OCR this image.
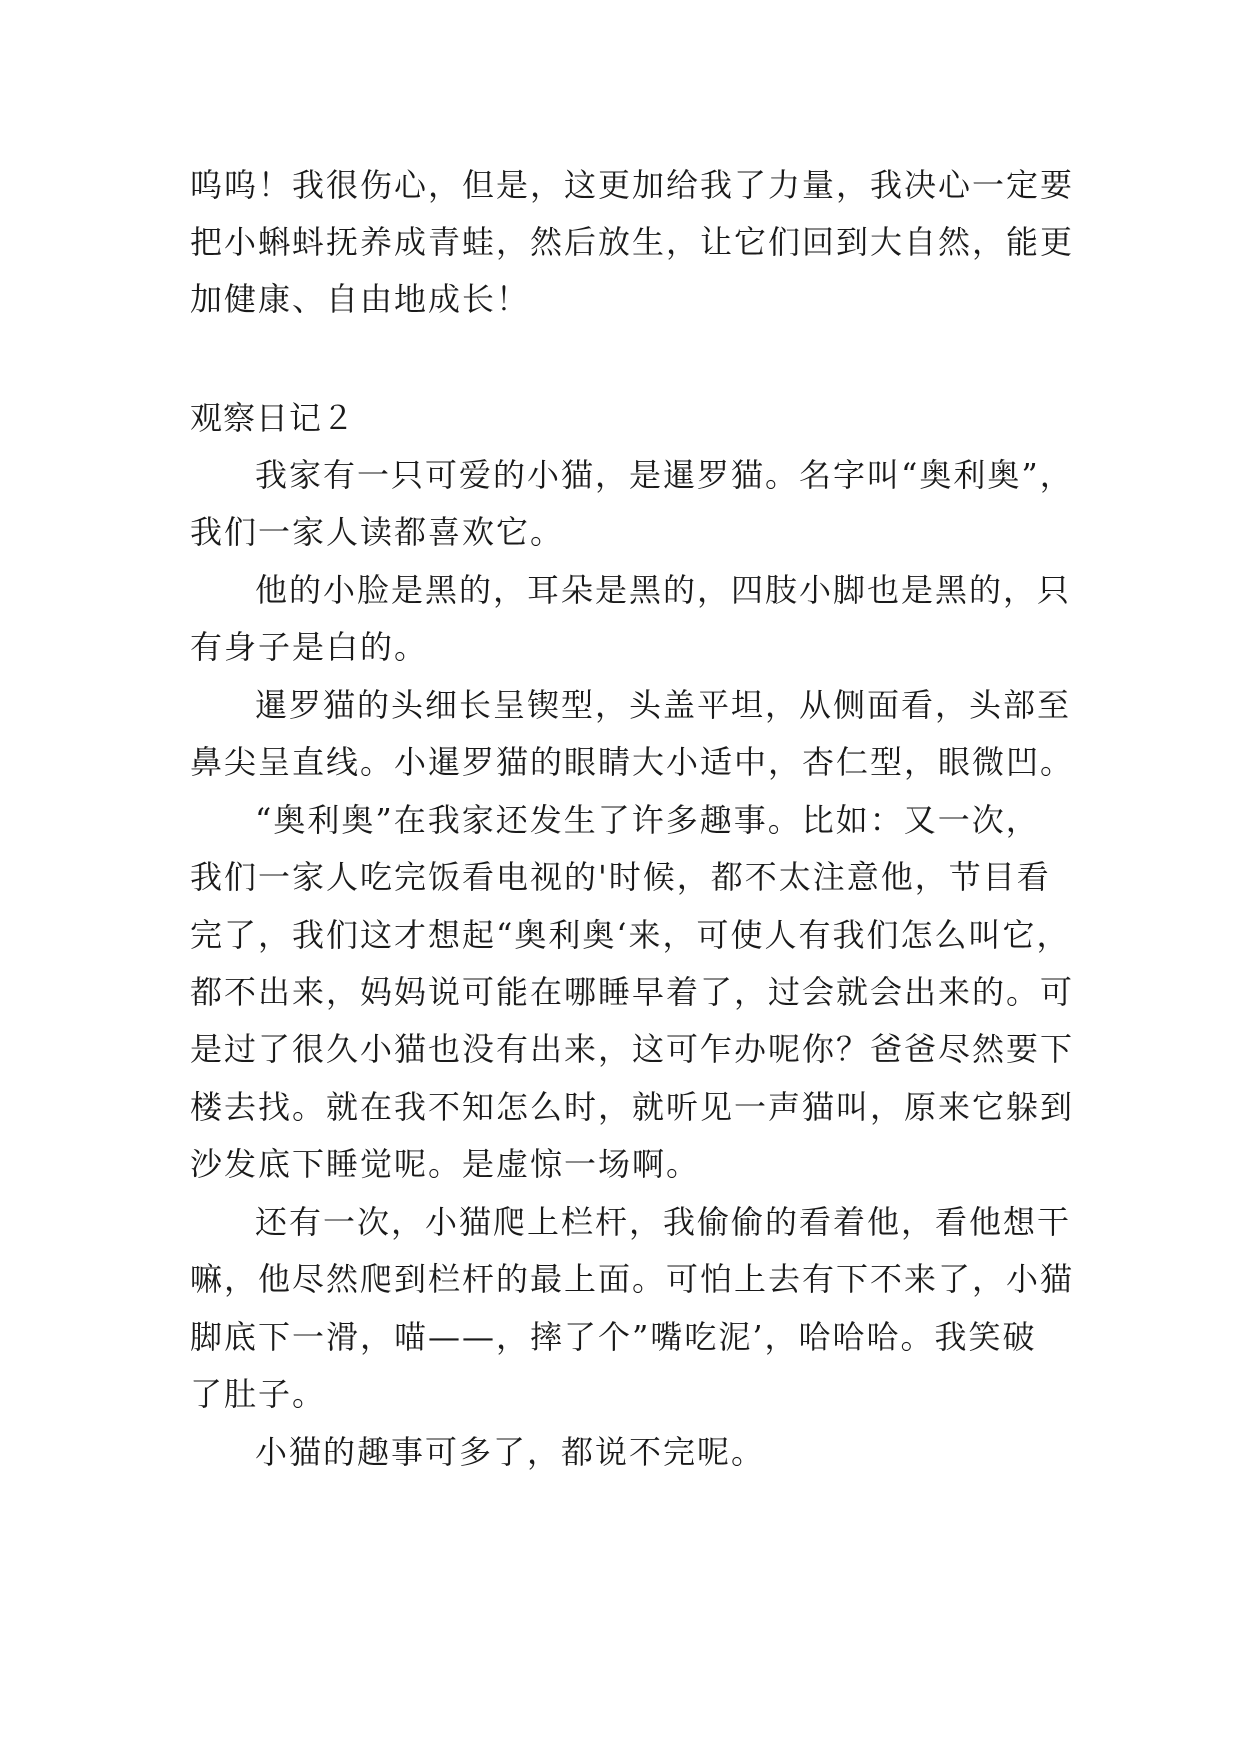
呜呜！我很伤心，但是，这更加给我了力量，我决心一定要
把小蝌蚪抚养成青蛙，然后放生，让它们回到大自然，能更
加健康、自由地成长！
观察日记２
我家有一只可爱的小猫，是暹罗猫。名字叫“奥利奥”，
我们一家人读都喜欢它。
他的小脸是黑的，耳朵是黑的，四肢小脚也是黑的，只
有身子是白的。
暹罗猫的头细长呈锲型，头盖平坦，从侧面看，头部至
鼻尖呈直线。小暹罗猫的眼睛大小适中，杏仁型，眼微凹。
“奥利奥”在我家还发生了许多趣事。比如：又一次，
我们一家人吃完饭看电视的'时候，都不太注意他，节目看
完了，我们这才想起“奥利奥‘来，可使人有我们怎么叫它，
都不出来，妈妈说可能在哪睡早着了，过会就会出来的。可
是过了很久小猫也没有出来，这可乍办呢你？爸爸尽然要下
楼去找。就在我不知怎么时，就听见一声猫叫，原来它躲到
沙发底下睡觉呢。是虚惊一场啊。
还有一次，小猫爬上栏杆，我偷偷的看着他，看他想干
嘛，他尽然爬到栏杆的最上面。可怕上去有下不来了，小猫
脚底下一滑，喵——，摔了个”嘴吃泥’，哈哈哈。我笑破
了肚子。
小猫的趣事可多了，都说不完呢。
